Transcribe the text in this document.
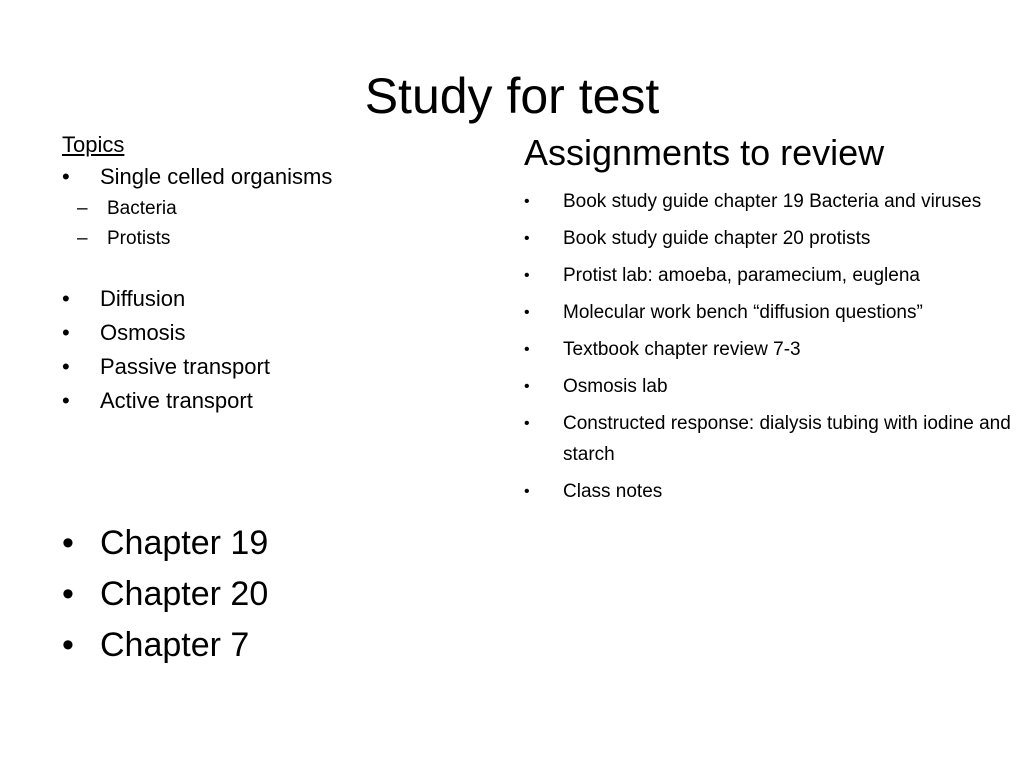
Study for test

Topics

• Single celled organisms
– Bacteria
– Protists
• Diffusion
• Osmosis
• Passive transport
• Active transport
• Chapter 19
• Chapter 20
• Chapter 7

Assignments to review

• Book study guide chapter 19 Bacteria and viruses
• Book study guide chapter 20 protists
• Protist lab: amoeba, paramecium, euglena
• Molecular work bench “diffusion questions”
• Textbook chapter review 7-3
• Osmosis lab
• Constructed response: dialysis tubing with iodine and starch
• Class notes
